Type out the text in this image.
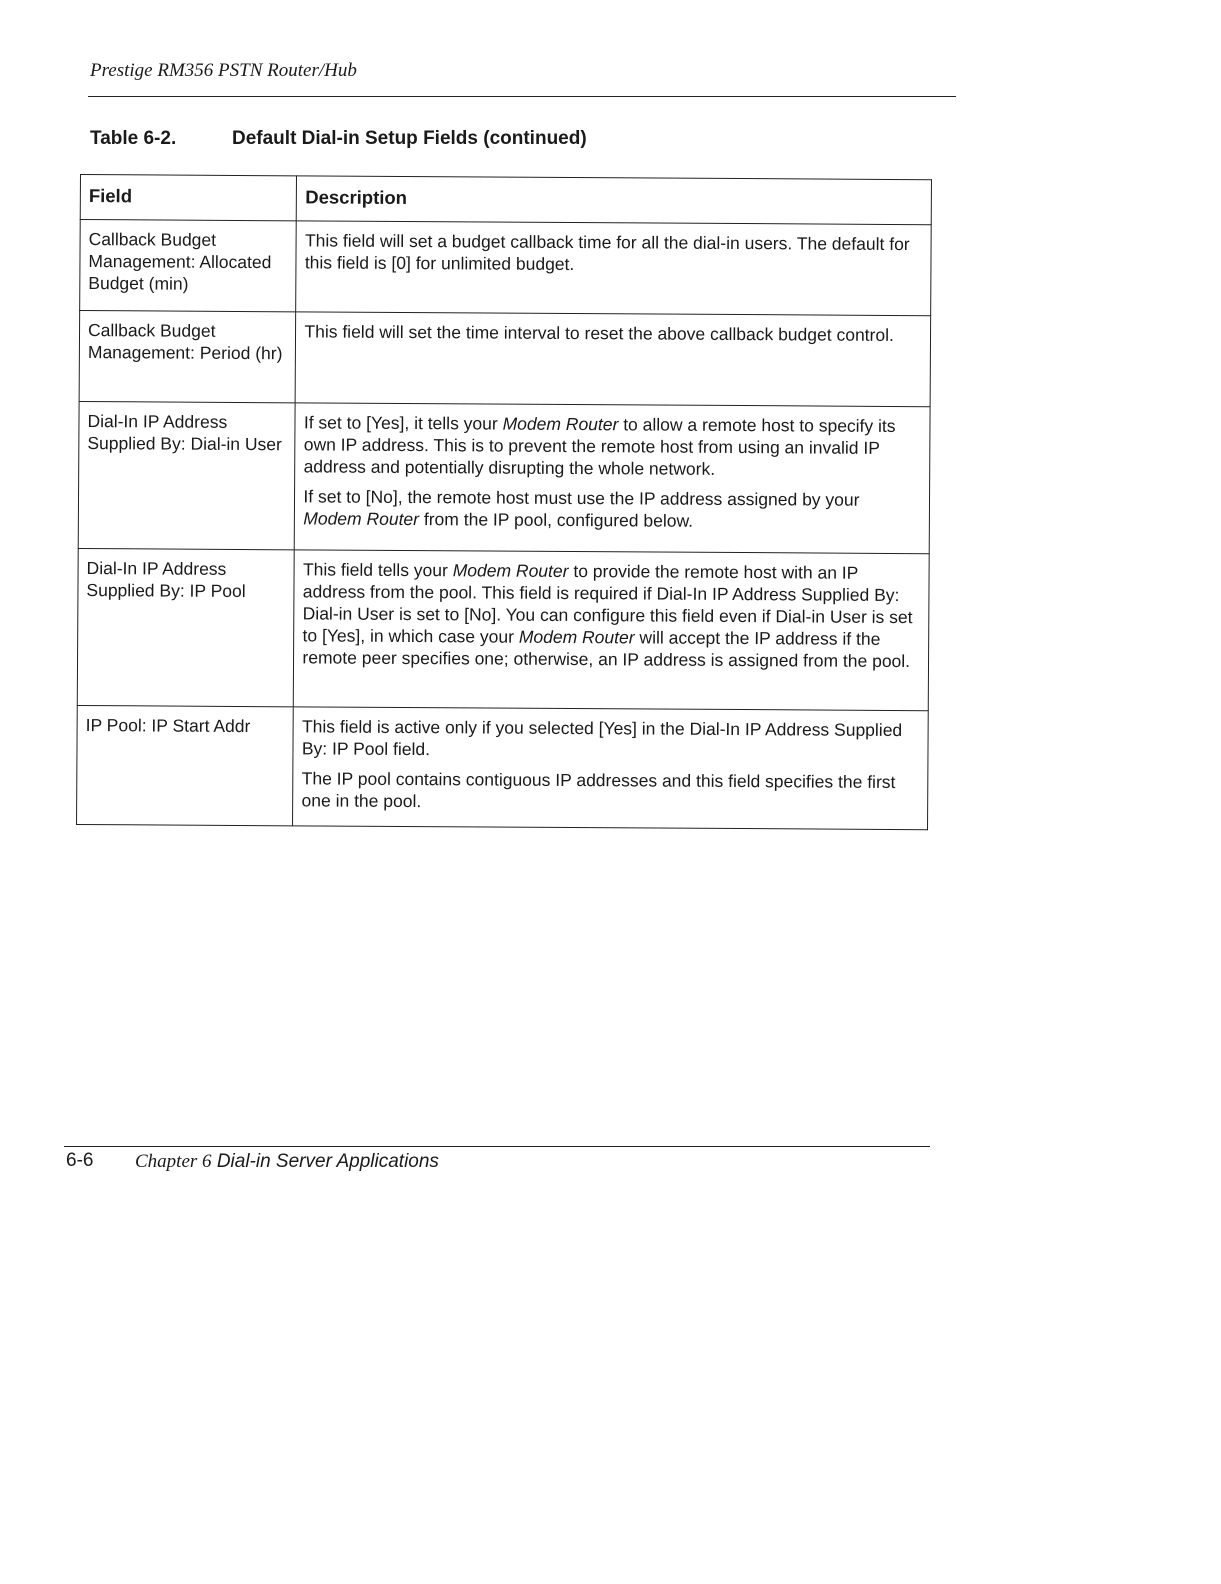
Prestige RM356 PSTN Router/Hub
Table 6-2.	Default Dial-in Setup Fields (continued)
Field	Description
Callback Budget Management: Allocated Budget (min)	This field will set a budget callback time for all the dial-in users. The default for this field is [0] for unlimited budget.

Callback Budget Management: Period (hr)	This field will set the time interval to reset the above callback budget control.

Dial-In IP Address Supplied By: Dial-in User	If set to [Yes], it tells your Modem Router to allow a remote host to specify its own IP address. This is to prevent the remote host from using an invalid IP address and potentially disrupting the whole network.
If set to [No], the remote host must use the IP address assigned by your Modem Router from the IP pool, configured below.

Dial-In IP Address Supplied By: IP Pool	This field tells your Modem Router to provide the remote host with an IP address from the pool. This field is required if Dial-In IP Address Supplied By: Dial-in User is set to [No]. You can configure this field even if Dial-in User is set to [Yes], in which case your Modem Router will accept the IP address if the remote peer specifies one; otherwise, an IP address is assigned from the pool.

IP Pool: IP Start Addr	This field is active only if you selected [Yes] in the Dial-In IP Address Supplied By: IP Pool field.
The IP pool contains contiguous IP addresses and this field specifies the first one in the pool.
6-6 Chapter 6 Dial-in Server Applications
